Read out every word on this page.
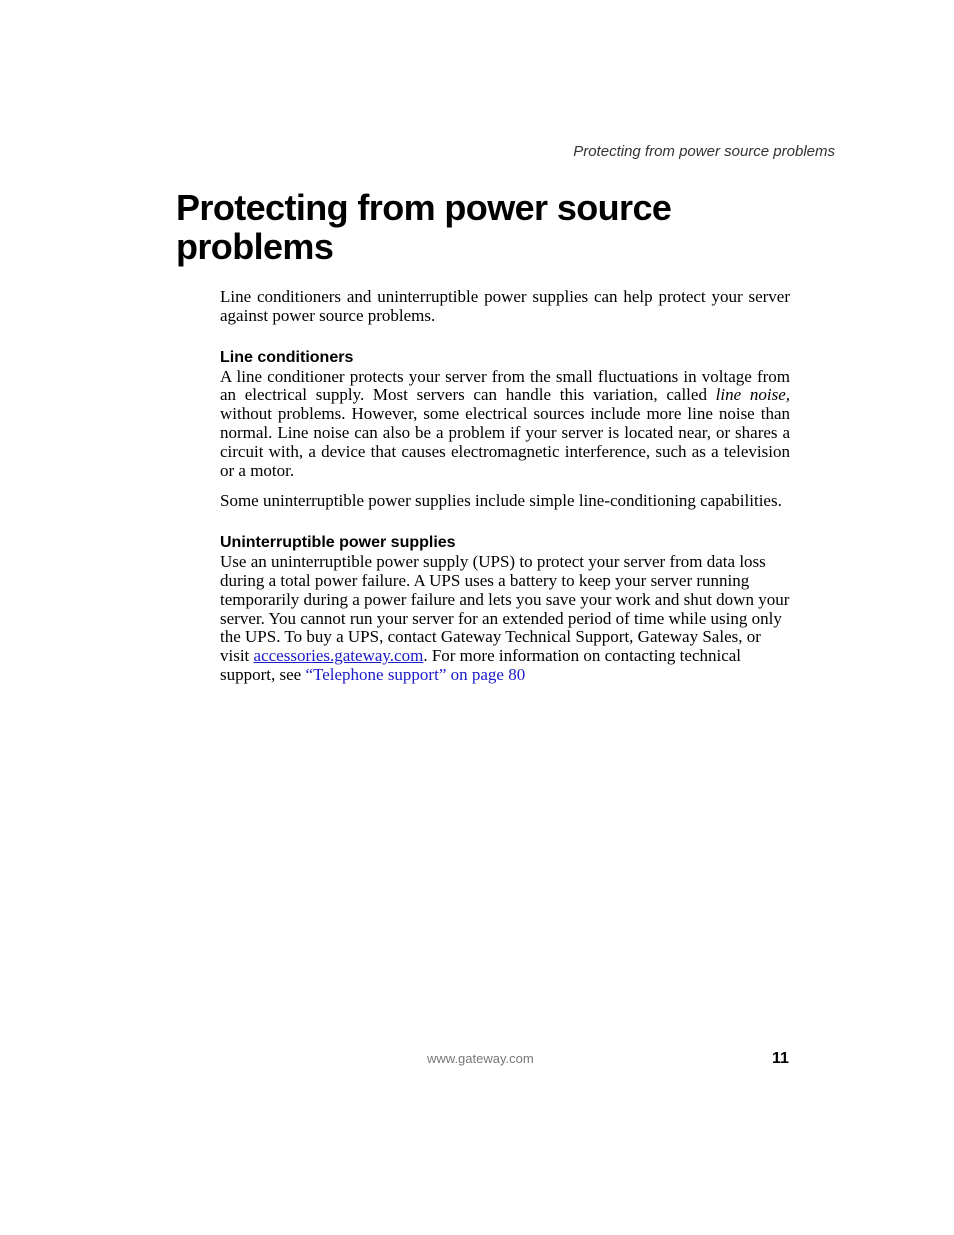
Protecting from power source problems
Protecting from power source problems

Line conditioners and uninterruptible power supplies can help protect your server against power source problems.

Line conditioners

A line conditioner protects your server from the small fluctuations in voltage from an electrical supply. Most servers can handle this variation, called line noise, without problems. However, some electrical sources include more line noise than normal. Line noise can also be a problem if your server is located near, or shares a circuit with, a device that causes electromagnetic interference, such as a television or a motor.

Some uninterruptible power supplies include simple line-conditioning capabilities.

Uninterruptible power supplies

Use an uninterruptible power supply (UPS) to protect your server from data loss during a total power failure. A UPS uses a battery to keep your server running temporarily during a power failure and lets you save your work and shut down your server. You cannot run your server for an extended period of time while using only the UPS. To buy a UPS, contact Gateway Technical Support, Gateway Sales, or visit accessories.gateway.com. For more information on contacting technical support, see “Telephone support” on page 80

www.gateway.com	11
